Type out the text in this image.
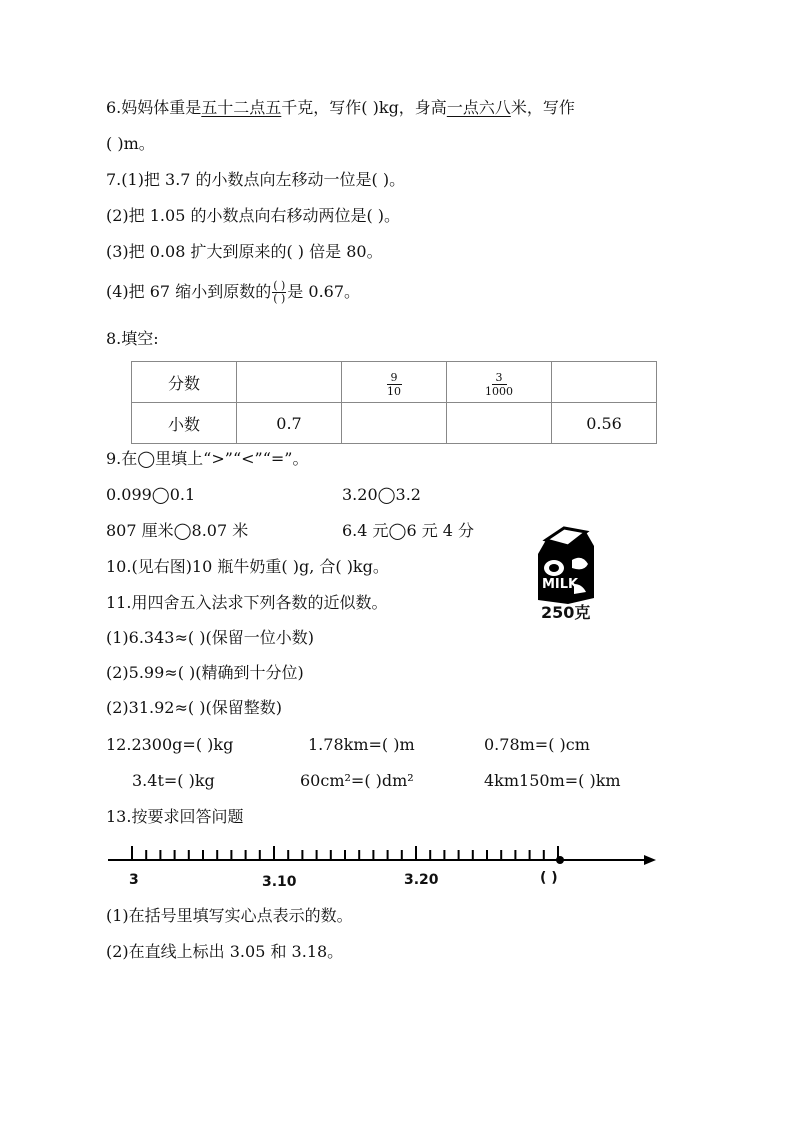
6.妈妈体重是五十二点五千克，写作( )kg，身高一点六八米，写作
( )m。
7.(1)把 3.7 的小数点向左移动一位是( )。
(2)把 1.05 的小数点向右移动两位是( )。
(3)把 0.08 扩大到原来的( ) 倍是 80。
(4)把 67 缩小到原数的 $\frac{( )}{( )}$ 是 0.67。
8.填空:
分数		$\frac{9}{10}$	$\frac{3}{1000}$

小数	0.7			0.56
9.在◯里填上“>”“<”“=”。
0.099◯0.1	3.20◯3.2
807 厘米◯8.07 米	6.4 元◯6 元 4 分
10.(见右图)10 瓶牛奶重( )g, 合( )kg。
MILK
250克
11.用四舍五入法求下列各数的近似数。
(1)6.343≈( )(保留一位小数)
(2)5.99≈( )(精确到十分位)
(2)31.92≈( )(保留整数)
12.2300g=( )kg	1.78km=( )m	0.78m=( )cm
3.4t=( )kg	60cm²=( )dm²	4km150m=( )km
13.按要求回答问题
3	3.10	3.20	( )
(1)在括号里填写实心点表示的数。
(2)在直线上标出 3.05 和 3.18。
